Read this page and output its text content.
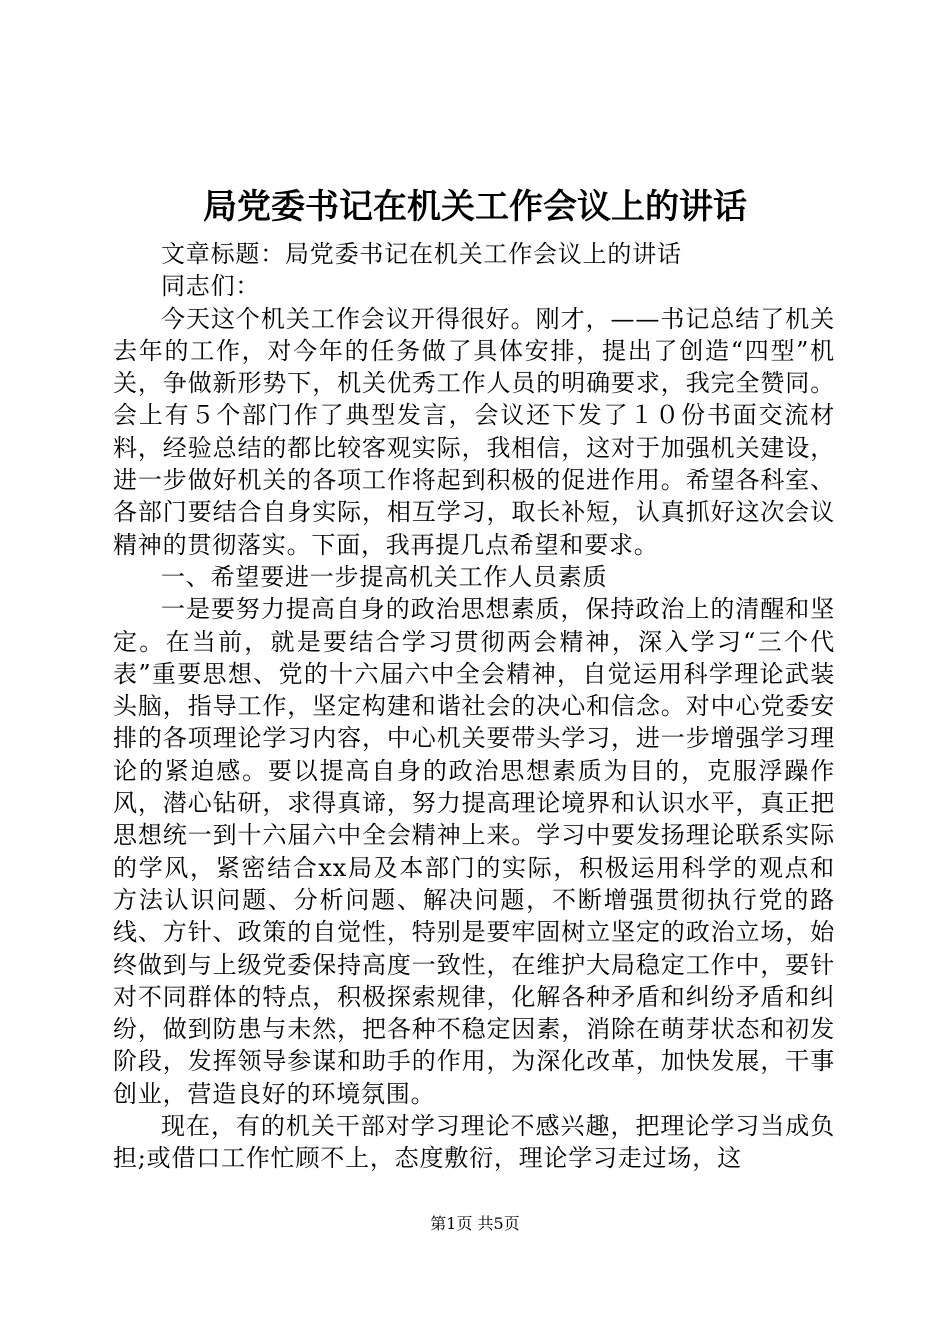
局党委书记在机关工作会议上的讲话

文章标题：局党委书记在机关工作会议上的讲话

同志们：

今天这个机关工作会议开得很好。刚才，——书记总结了机关去年的工作，对今年的任务做了具体安排，提出了创造“四型”机关，争做新形势下，机关优秀工作人员的明确要求，我完全赞同。会上有５个部门作了典型发言，会议还下发了１０份书面交流材料，经验总结的都比较客观实际，我相信，这对于加强机关建设，进一步做好机关的各项工作将起到积极的促进作用。希望各科室、各部门要结合自身实际，相互学习，取长补短，认真抓好这次会议精神的贯彻落实。下面，我再提几点希望和要求。

一、希望要进一步提高机关工作人员素质

一是要努力提高自身的政治思想素质，保持政治上的清醒和坚定。在当前，就是要结合学习贯彻两会精神，深入学习“三个代表”重要思想、党的十六届六中全会精神，自觉运用科学理论武装头脑，指导工作，坚定构建和谐社会的决心和信念。对中心党委安排的各项理论学习内容，中心机关要带头学习，进一步增强学习理论的紧迫感。要以提高自身的政治思想素质为目的，克服浮躁作风，潜心钻研，求得真谛，努力提高理论境界和认识水平，真正把思想统一到十六届六中全会精神上来。学习中要发扬理论联系实际的学风，紧密结合xx局及本部门的实际，积极运用科学的观点和方法认识问题、分析问题、解决问题，不断增强贯彻执行党的路线、方针、政策的自觉性，特别是要牢固树立坚定的政治立场，始终做到与上级党委保持高度一致性，在维护大局稳定工作中，要针对不同群体的特点，积极探索规律，化解各种矛盾和纠纷矛盾和纠纷，做到防患与未然，把各种不稳定因素，消除在萌芽状态和初发阶段，发挥领导参谋和助手的作用，为深化改革，加快发展，干事创业，营造良好的环境氛围。

现在，有的机关干部对学习理论不感兴趣，把理论学习当成负担;或借口工作忙顾不上，态度敷衍，理论学习走过场，这

第1页 共5页
